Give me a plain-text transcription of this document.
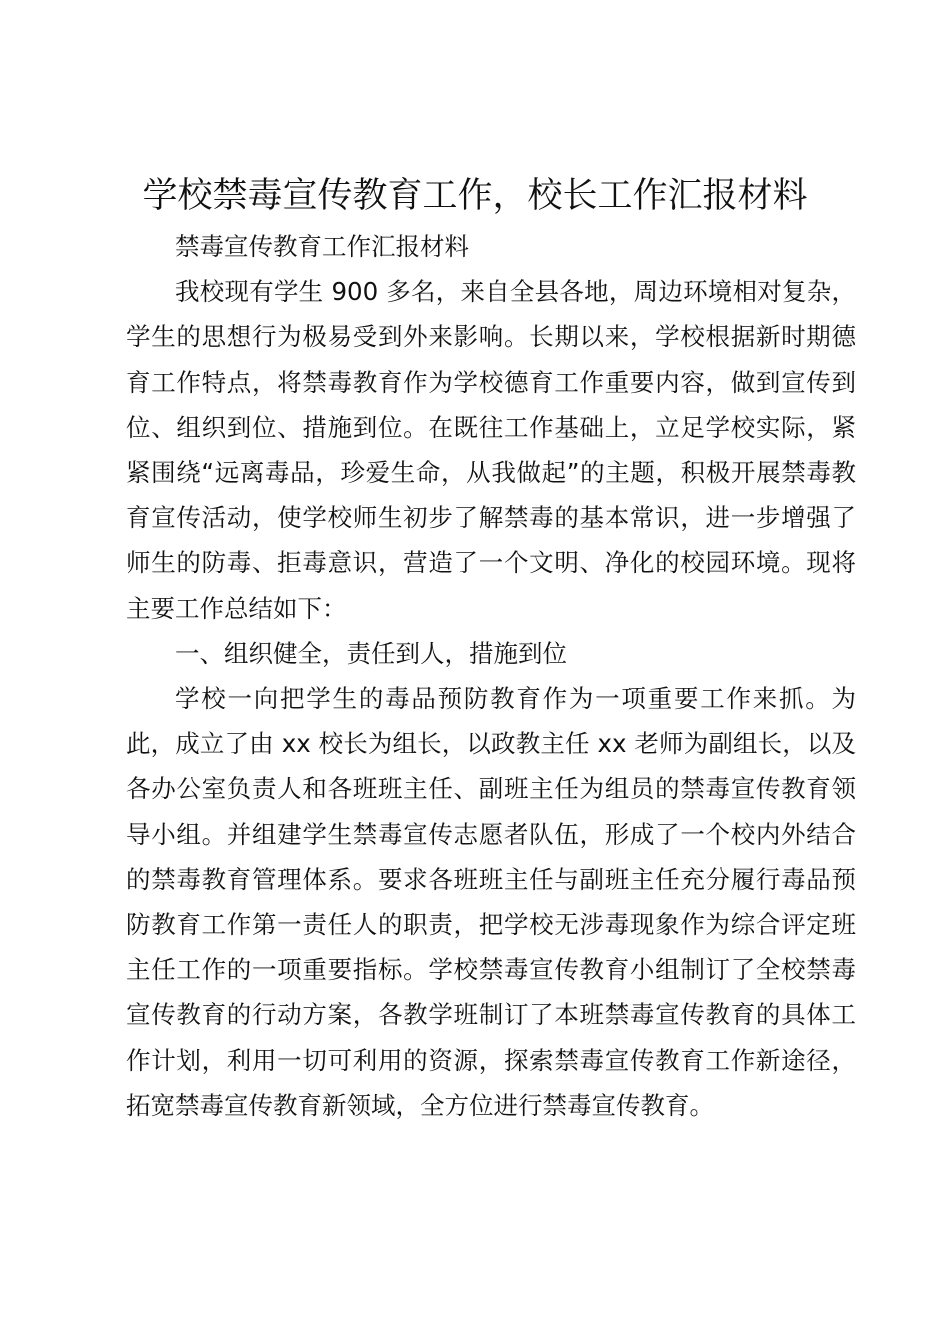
学校禁毒宣传教育工作，校长工作汇报材料

禁毒宣传教育工作汇报材料

我校现有学生 900 多名，来自全县各地，周边环境相对复杂，学生的思想行为极易受到外来影响。长期以来，学校根据新时期德育工作特点，将禁毒教育作为学校德育工作重要内容，做到宣传到位、组织到位、措施到位。在既往工作基础上，立足学校实际，紧紧围绕“远离毒品，珍爱生命，从我做起”的主题，积极开展禁毒教育宣传活动，使学校师生初步了解禁毒的基本常识，进一步增强了师生的防毒、拒毒意识，营造了一个文明、净化的校园环境。现将主要工作总结如下：

一、组织健全，责任到人，措施到位

学校一向把学生的毒品预防教育作为一项重要工作来抓。为此，成立了由 xx 校长为组长，以政教主任 xx 老师为副组长，以及各办公室负责人和各班班主任、副班主任为组员的禁毒宣传教育领导小组。并组建学生禁毒宣传志愿者队伍，形成了一个校内外结合的禁毒教育管理体系。要求各班班主任与副班主任充分履行毒品预防教育工作第一责任人的职责，把学校无涉毒现象作为综合评定班主任工作的一项重要指标。学校禁毒宣传教育小组制订了全校禁毒宣传教育的行动方案，各教学班制订了本班禁毒宣传教育的具体工作计划，利用一切可利用的资源，探索禁毒宣传教育工作新途径，拓宽禁毒宣传教育新领域，全方位进行禁毒宣传教育。
